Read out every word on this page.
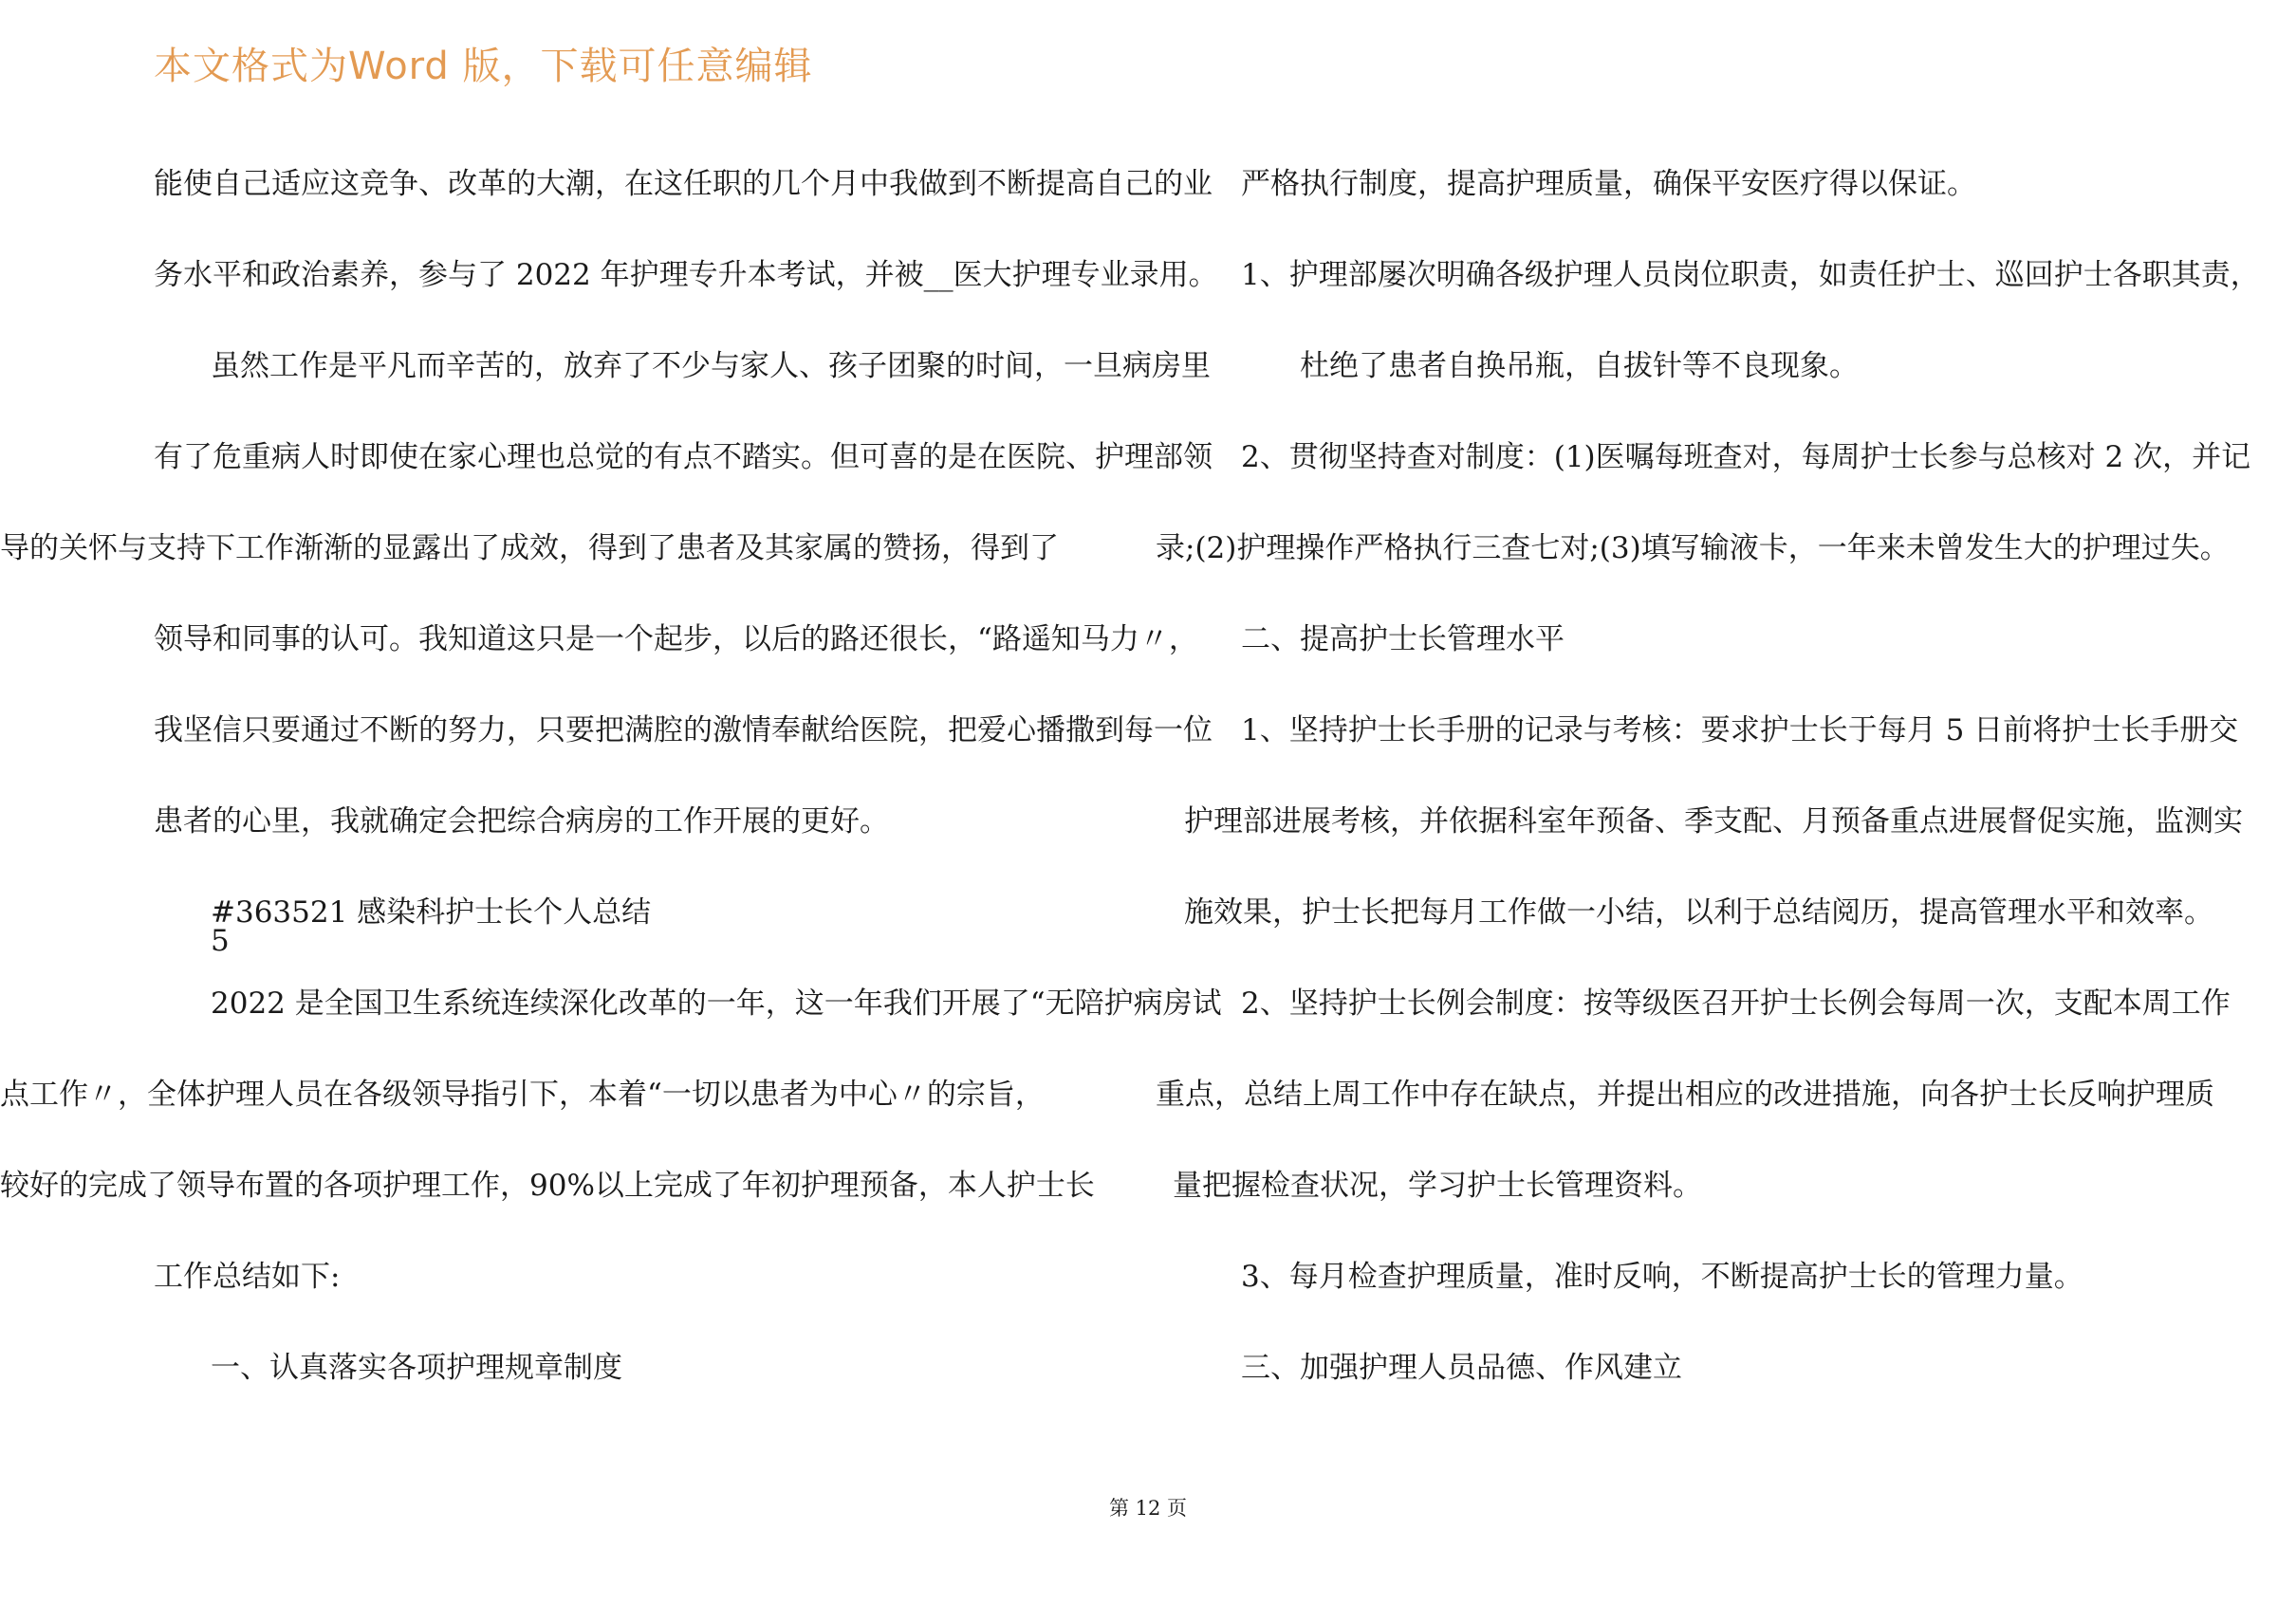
本文格式为Word 版，下载可任意编辑
能使自己适应这竞争、改革的大潮，在这任职的几个月中我做到不断提高自己的业
务水平和政治素养，参与了 2022 年护理专升本考试，并被__医大护理专业录用。
虽然工作是平凡而辛苦的，放弃了不少与家人、孩子团聚的时间，一旦病房里
有了危重病人时即使在家心理也总觉的有点不踏实。但可喜的是在医院、护理部领
导的关怀与支持下工作渐渐的显露出了成效，得到了患者及其家属的赞扬，得到了
领导和同事的认可。我知道这只是一个起步，以后的路还很长，“路遥知马力〃，
我坚信只要通过不断的努力，只要把满腔的激情奉献给医院，把爱心播撒到每一位
患者的心里，我就确定会把综合病房的工作开展的更好。
#363521 感染科护士长个人总结
5
2022 是全国卫生系统连续深化改革的一年，这一年我们开展了“无陪护病房试
点工作〃，全体护理人员在各级领导指引下，本着“一切以患者为中心〃的宗旨，
较好的完成了领导布置的各项护理工作，90%以上完成了年初护理预备，本人护士长
工作总结如下:
一、认真落实各项护理规章制度
严格执行制度，提高护理质量，确保平安医疗得以保证。
1、护理部屡次明确各级护理人员岗位职责，如责任护士、巡回护士各职其责，
杜绝了患者自换吊瓶，自拔针等不良现象。
2、贯彻坚持查对制度：(1)医嘱每班查对，每周护士长参与总核对 2 次，并记
录;(2)护理操作严格执行三查七对;(3)填写输液卡，一年来未曾发生大的护理过失。
二、提高护士长管理水平
1、坚持护士长手册的记录与考核：要求护士长于每月 5 日前将护士长手册交
护理部进展考核，并依据科室年预备、季支配、月预备重点进展督促实施，监测实
施效果，护士长把每月工作做一小结，以利于总结阅历，提高管理水平和效率。
2、坚持护士长例会制度：按等级医召开护士长例会每周一次，支配本周工作
重点，总结上周工作中存在缺点，并提出相应的改进措施，向各护士长反响护理质
量把握检查状况，学习护士长管理资料。
3、每月检查护理质量，准时反响，不断提高护士长的管理力量。
三、加强护理人员品德、作风建立
第 12 页
